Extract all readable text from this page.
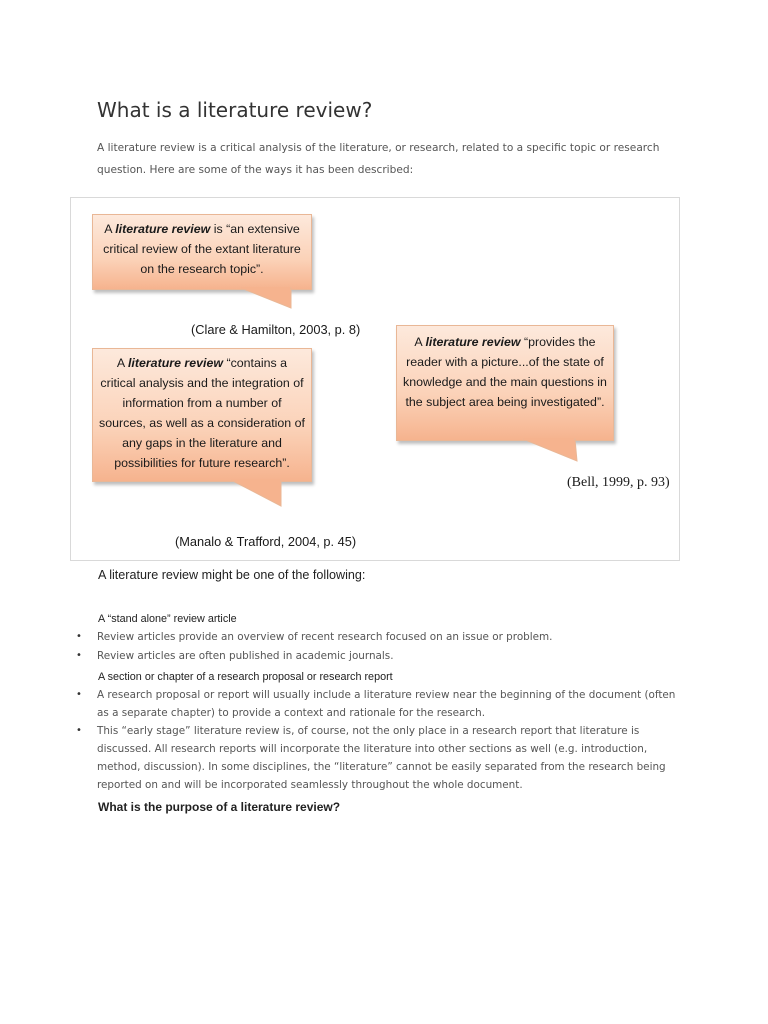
What is a literature review?
A literature review is a critical analysis of the literature, or research, related to a specific topic or research question. Here are some of the ways it has been described:
A literature review is “an extensive critical review of the extant literature on the research topic”.
(Clare & Hamilton, 2003, p. 8)
A literature review “contains a critical analysis and the integration of information from a number of sources, as well as a consideration of any gaps in the literature and possibilities for future research”.
(Manalo & Trafford, 2004, p. 45)
A literature review “provides the reader with a picture...of the state of knowledge and the main questions in the subject area being investigated”.
(Bell, 1999, p. 93)
A literature review might be one of the following:
A “stand alone” review article
• Review articles provide an overview of recent research focused on an issue or problem.
• Review articles are often published in academic journals.
A section or chapter of a research proposal or research report
• A research proposal or report will usually include a literature review near the beginning of the document (often as a separate chapter) to provide a context and rationale for the research.
• This “early stage” literature review is, of course, not the only place in a research report that literature is discussed. All research reports will incorporate the literature into other sections as well (e.g. introduction, method, discussion). In some disciplines, the “literature” cannot be easily separated from the research being reported on and will be incorporated seamlessly throughout the whole document.
What is the purpose of a literature review?
